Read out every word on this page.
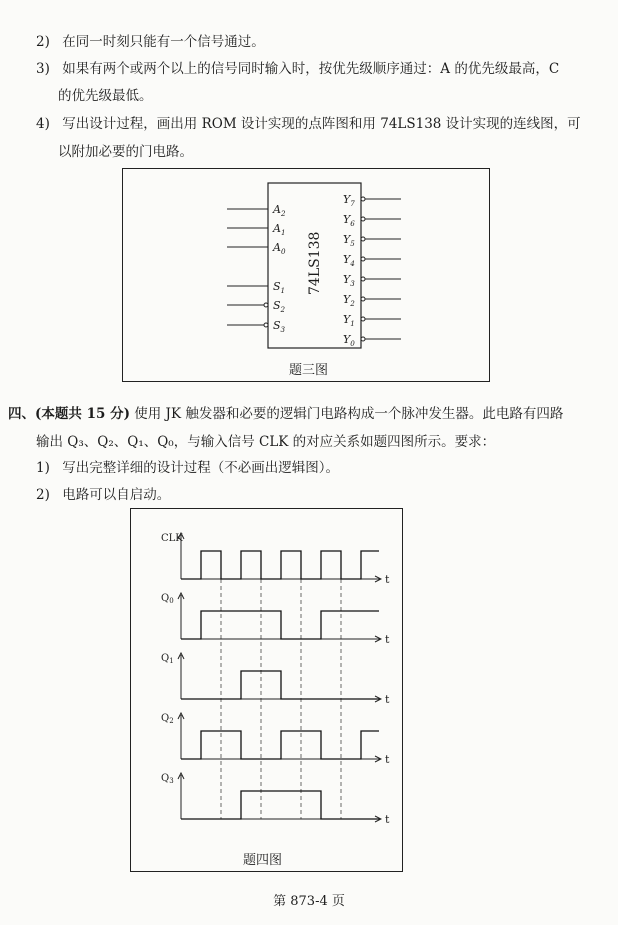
2) 在同一时刻只能有一个信号通过。
3) 如果有两个或两个以上的信号同时输入时，按优先级顺序通过：A 的优先级最高，C
的优先级最低。
4) 写出设计过程，画出用 ROM 设计实现的点阵图和用 74LS138 设计实现的连线图，可
以附加必要的门电路。
74LS138
$A_2$
$A_1$
$A_0$
$S_1$
$S_2$
$S_3$
$Y_7$
$Y_6$
$Y_5$
$Y_4$
$Y_3$
$Y_2$
$Y_1$
$Y_0$
题三图
四、(本题共 15 分) 使用 JK 触发器和必要的逻辑门电路构成一个脉冲发生器。此电路有四路
输出 Q₃、Q₂、Q₁、Q₀，与输入信号 CLK 的对应关系如题四图所示。要求：
1) 写出完整详细的设计过程（不必画出逻辑图）。
2) 电路可以自启动。
t
CLK
t
$Q_0$
t
$Q_1$
t
$Q_2$
t
$Q_3$
题四图
第 873-4 页
